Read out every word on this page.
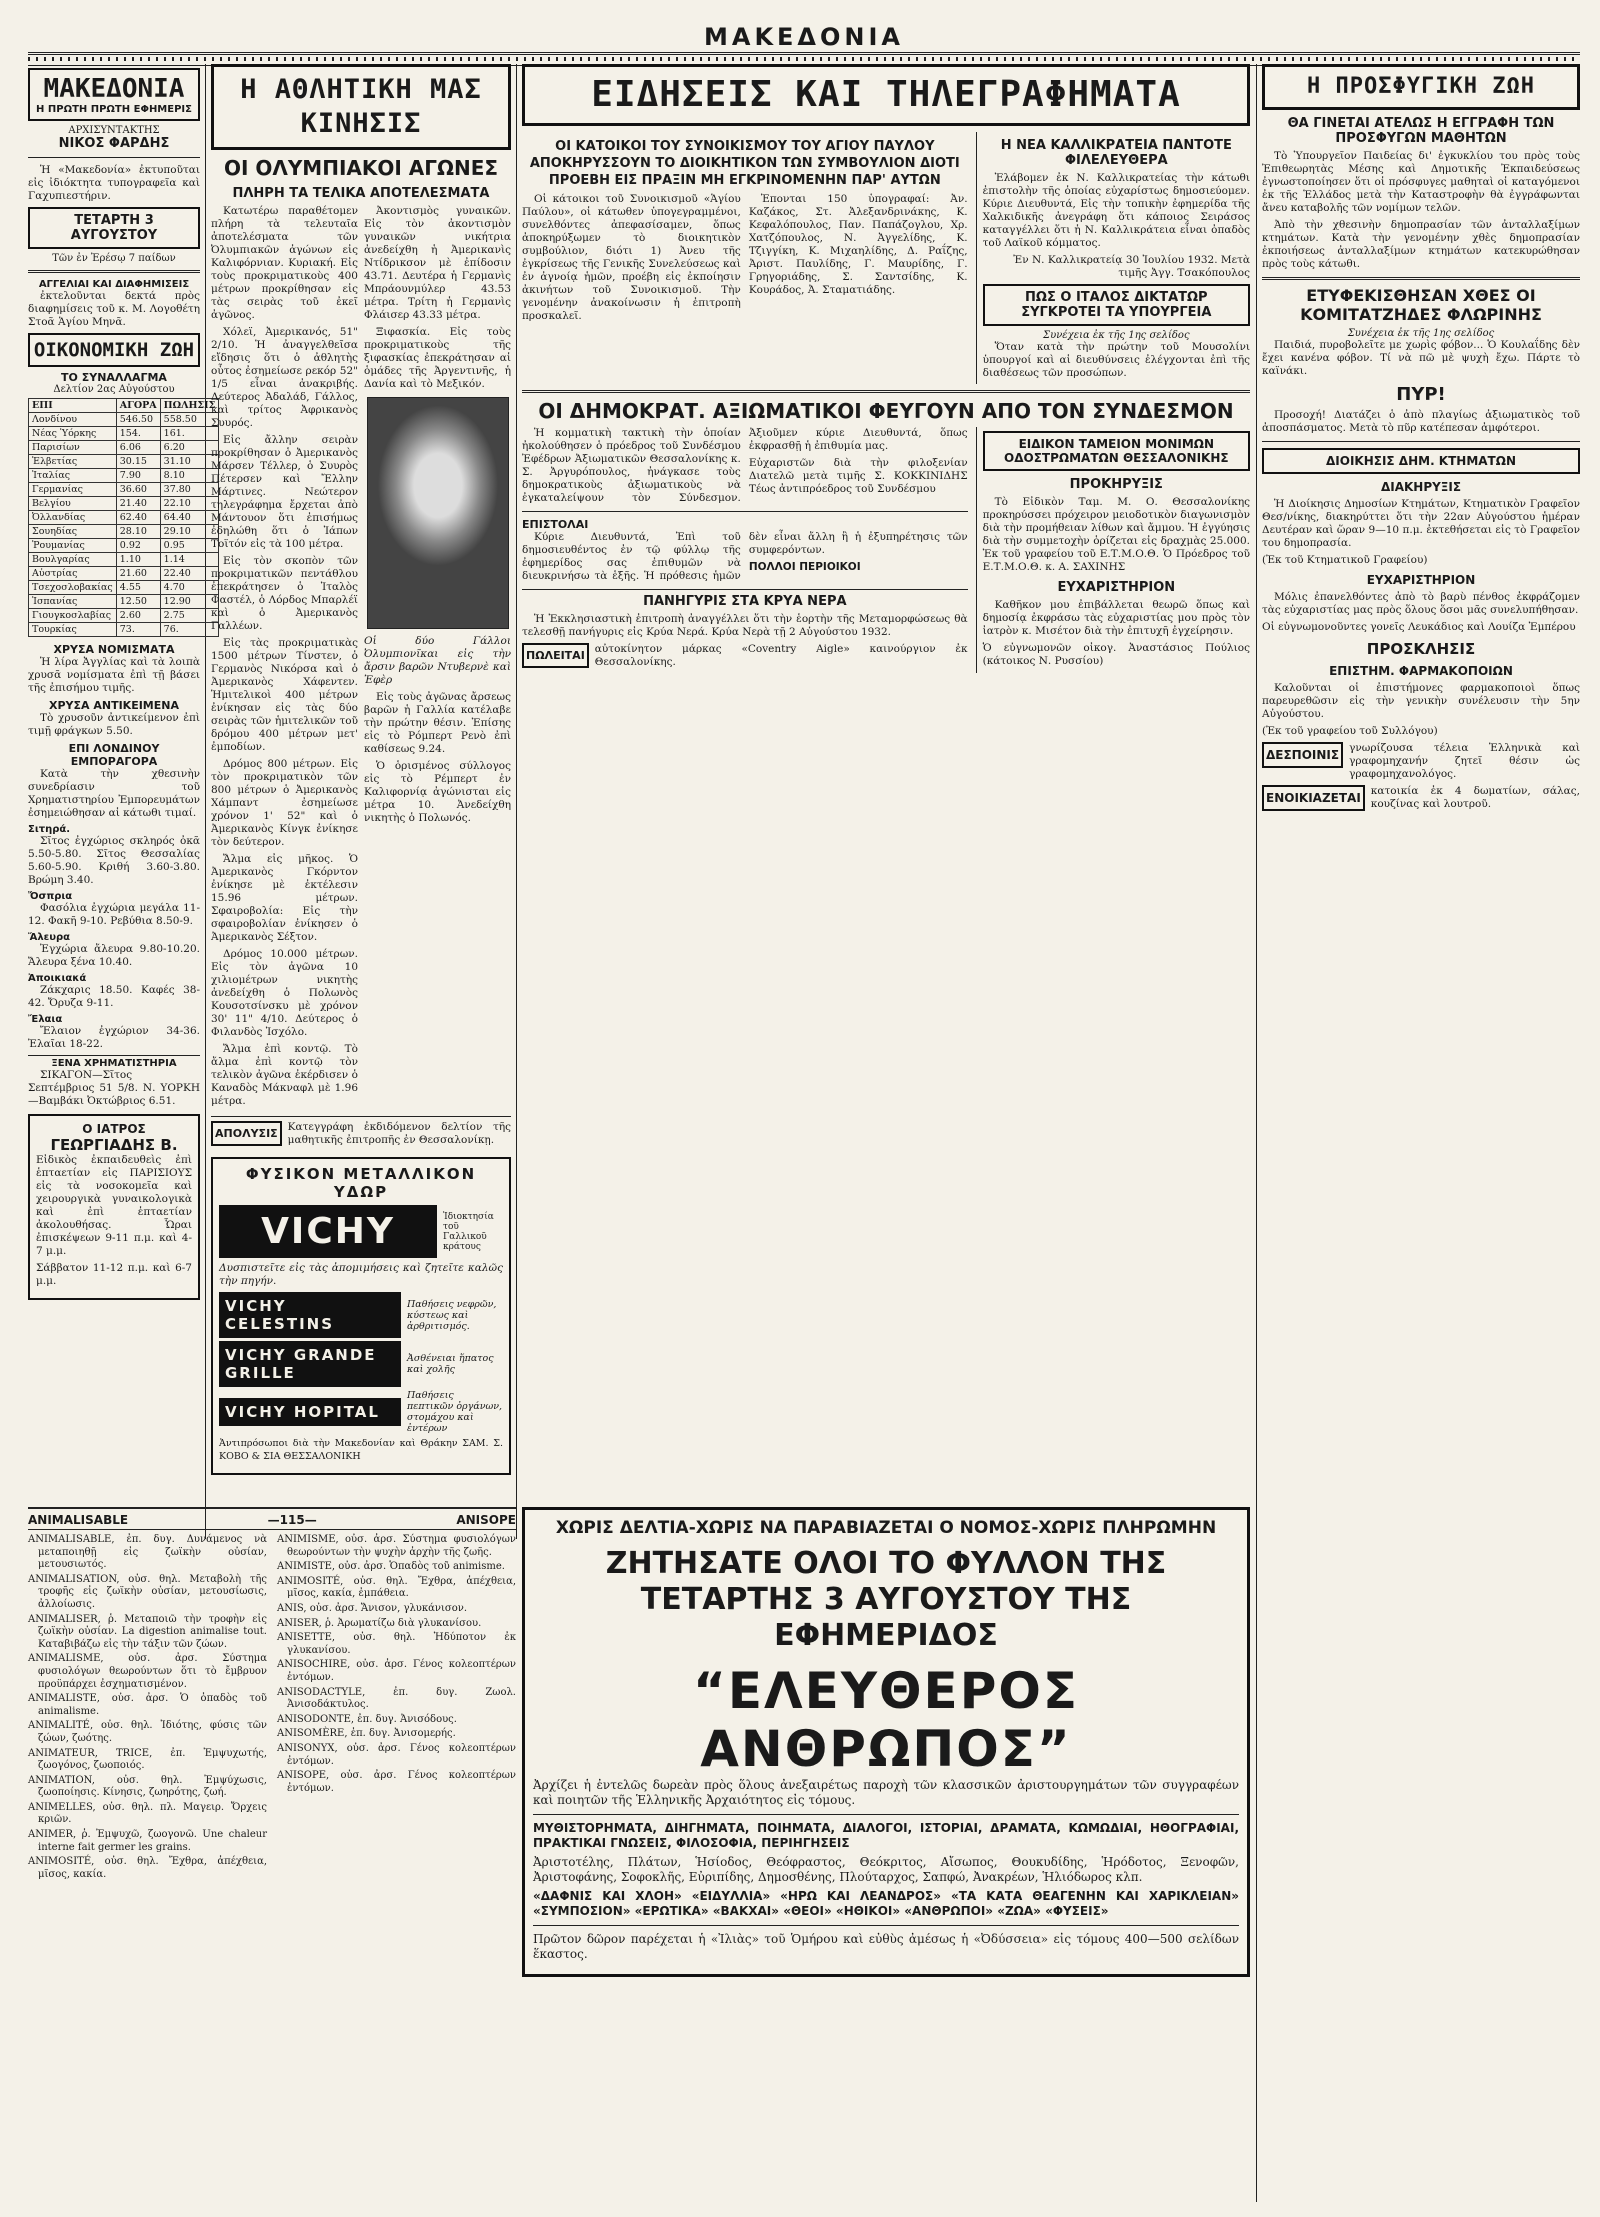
ΜΑΚΕΔΟΝΙΑ
ΜΑΚΕΔΟΝΙΑ
Η ΠΡΩΤΗ ΠΡΩΤΗ ΕΦΗΜΕΡΙΣ
ΑΡΧΙΣΥΝΤΑΚΤΗΣ
ΝΙΚΟΣ ΦΑΡΔΗΣ

Ἡ «Μακεδονία» ἐκτυποῦται εἰς ἰδιόκτητα τυπογραφεῖα καὶ Γαχυπιεστήριν.

ΤΕΤΑΡΤΗ 3 ΑΥΓΟΥΣΤΟΥ
Τῶν ἐν Ἐρέσῳ 7 παίδων
ΑΓΓΕΛΙΑΙ ΚΑΙ ΔΙΑΦΗΜΙΣΕΙΣ

ἐκτελοῦνται δεκτά πρὸς διαφημίσεις τοῦ κ. Μ. Λογοθέτη Στοᾶ Ἁγίου Μηνᾶ.

ΟΙΚΟΝΟΜΙΚΗ ΖΩΗ
ΤΟ ΣΥΝΑΛΛΑΓΜΑ
Δελτίον 2ας Αὐγούστου
ΕΠΙ	ΑΓΟΡΑ	ΠΩΛΗΣΙΣ
Λονδίνου	546.50	558.50
Νέας Ὑόρκης	154.	161.
Παρισίων	6.06	6.20
Ἑλβετίας	30.15	31.10
Ἰταλίας	7.90	8.10
Γερμανίας	36.60	37.80
Βελγίου	21.40	22.10
Ὀλλανδίας	62.40	64.40
Σουηδίας	28.10	29.10
Ῥουμανίας	0.92	0.95
Βουλγαρίας	1.10	1.14
Αὐστρίας	21.60	22.40
Τσεχοσλοβακίας	4.55	4.70
Ἰσπανίας	12.50	12.90
Γιουγκοσλαβίας	2.60	2.75
Τουρκίας	73.	76.
ΧΡΥΣΑ ΝΟΜΙΣΜΑΤΑ

Ἡ λίρα Ἀγγλίας καὶ τὰ λοιπὰ χρυσᾶ νομίσματα ἐπὶ τῇ βάσει τῆς ἐπισήμου τιμῆς.

ΧΡΥΣΑ ΑΝΤΙΚΕΙΜΕΝΑ

Τὸ χρυσοῦν ἀντικείμενον ἐπὶ τιμῇ φράγκων 5.50.

ΕΠΙ ΛΟΝΔΙΝΟΥ
ΕΜΠΟΡΑΓΟΡΑ

Κατὰ τὴν χθεσινὴν συνεδρίασιν τοῦ Χρηματιστηρίου Ἐμπορευμάτων ἐσημειώθησαν αἱ κάτωθι τιμαί.

Σιτηρά.

Σῖτος ἐγχώριος σκληρός ὀκᾶ 5.50-5.80. Σῖτος Θεσσαλίας 5.60-5.90. Κριθή 3.60-3.80. Βρώμη 3.40.

Ὄσπρια

Φασόλια ἐγχώρια μεγάλα 11-12. Φακῆ 9-10. Ρεβύθια 8.50-9.

Ἄλευρα

Ἐγχώρια ἄλευρα 9.80-10.20. Ἄλευρα ξένα 10.40.

Ἀποικιακά

Ζάκχαρις 18.50. Καφές 38-42. Ὄρυζα 9-11.

Ἔλαια

Ἔλαιον ἐγχώριον 34-36. Ἐλαῖαι 18-22.

ΞΕΝΑ ΧΡΗΜΑΤΙΣΤΗΡΙΑ

ΣΙΚΑΓΟΝ—Σῖτος Σεπτέμβριος 51 5/8. Ν. ΥΟΡΚΗ—Βαμβάκι Ὀκτώβριος 6.51.

Ο ΙΑΤΡΟΣ
ΓΕΩΡΓΙΑΔΗΣ Β.

Εἰδικὸς ἐκπαιδευθεὶς ἐπὶ ἑπταετίαν εἰς ΠΑΡΙΣΙΟΥΣ εἰς τὰ νοσοκομεῖα καὶ χειρουργικὰ γυναικολογικὰ καὶ ἐπὶ ἑπταετίαν ἀκολουθήσας. Ὧραι ἐπισκέψεων 9-11 π.μ. καὶ 4-7 μ.μ.

Σάββατον 11-12 π.μ. καὶ 6-7 μ.μ.

Η ΑΘΛΗΤΙΚΗ ΜΑΣ ΚΙΝΗΣΙΣ
ΟΙ ΟΛΥΜΠΙΑΚΟΙ ΑΓΩΝΕΣ
ΠΛΗΡΗ ΤΑ ΤΕΛΙΚΑ ΑΠΟΤΕΛΕΣΜΑΤΑ

Κατωτέρω παραθέτομεν πλήρη τὰ τελευταῖα ἀποτελέσματα τῶν Ὀλυμπιακῶν ἀγώνων εἰς Καλιφόρνιαν. Κυριακή. Εἰς τοὺς προκριματικοὺς 400 μέτρων προκρίθησαν εἰς τὰς σειρὰς τοῦ ἐκεῖ ἀγῶνος.

Χόλεϊ, Ἀμερικανός, 51" 2/10. Ἡ ἀναγγελθεῖσα εἴδησις ὅτι ὁ ἀθλητὴς οὗτος ἐσημείωσε ρεκόρ 52" 1/5 εἶναι ἀνακριβής. Δεύτερος Ἀδαλάδ, Γάλλος, καὶ τρίτος Ἀφρικανὸς Συυρός.

Εἰς ἄλλην σειρὰν προκρίθησαν ὁ Ἀμερικανὸς Μάρσεν Τέλλερ, ὁ Συυρὸς Πέτερσεν καὶ Ἔλλην Μάρτινες. Νεώτερον τηλεγράφημα ἔρχεται ἀπὸ Μάντουον ὅτι ἐπισήμως ἐδηλώθη ὅτι ὁ Ἰάπων Τοϊτόν εἰς τὰ 100 μέτρα.

Εἰς τὸν σκοπὸν τῶν προκριματικῶν πεντάθλου ἐπεκράτησεν ὁ Ἰταλὸς Φαστέλ, ὁ Λόρδος Μπαρλέϊ καὶ ὁ Ἀμερικανὸς Γαλλέων.

Εἰς τὰς προκριματικὰς 1500 μέτρων Τίνστεν, ὁ Γερμανὸς Νικόρσα καὶ ὁ Ἀμερικανὸς Χάφεντεν. Ἡμιτελικοὶ 400 μέτρων ἐνίκησαν εἰς τὰς δύο σειρὰς τῶν ἡμιτελικῶν τοῦ δρόμου 400 μέτρων μετ' ἐμποδίων.

Δρόμος 800 μέτρων. Εἰς τὸν προκριματικὸν τῶν 800 μέτρων ὁ Ἀμερικανὸς Χάμπαντ ἐσημείωσε χρόνον 1' 52" καὶ ὁ Ἀμερικανὸς Κίνγκ ἐνίκησε τὸν δεύτερον.

Ἄλμα εἰς μῆκος. Ὁ Ἀμερικανὸς Γκόρντον ἐνίκησε μὲ ἐκτέλεσιν 15.96 μέτρων. Σφαιροβολία: Εἰς τὴν σφαιροβολίαν ἐνίκησεν ὁ Ἀμερικανὸς Σέξτον.

Δρόμος 10.000 μέτρων. Εἰς τὸν ἀγῶνα 10 χιλιομέτρων νικητὴς ἀνεδείχθη ὁ Πολωνὸς Κουσοτσίνσκυ μὲ χρόνον 30' 11" 4/10. Δεύτερος ὁ Φιλανδὸς Ἰσχόλο.

Ἄλμα ἐπὶ κοντῷ. Τὸ ἄλμα ἐπὶ κοντῷ τὸν τελικὸν ἀγῶνα ἐκέρδισεν ὁ Καναδὸς Μάκναφλ μὲ 1.96 μέτρα.

Ἀκοντισμὸς γυναικῶν. Εἰς τὸν ἀκοντισμὸν γυναικῶν νικήτρια ἀνεδείχθη ἡ Ἀμερικανὶς Ντίδρικσον μὲ ἐπίδοσιν 43.71. Δευτέρα ἡ Γερμανὶς Μπράουνμύλερ 43.53 μέτρα. Τρίτη ἡ Γερμανὶς Φλάισερ 43.33 μέτρα.

Ξιφασκία. Εἰς τοὺς προκριματικοὺς τῆς ξιφασκίας ἐπεκράτησαν αἱ ὁμάδες τῆς Ἀργεντινῆς, ἡ Δανία καὶ τὸ Μεξικόν.

Οἱ δύο Γάλλοι Ὀλυμπιονῖκαι εἰς τὴν ἄρσιν βαρῶν Ντυβερνὲ καὶ Ἐφὲρ

Εἰς τοὺς ἀγῶνας ἄρσεως βαρῶν ἡ Γαλλία κατέλαβε τὴν πρώτην θέσιν. Ἐπίσης εἰς τὸ Ρόμπερτ Ρενὸ ἐπὶ καθίσεως 9.24.

Ὁ ὁρισμένος σύλλογος εἰς τὸ Ρέμπερτ ἐν Καλιφορνίᾳ ἀγώνισται εἰς μέτρα 10. Ἀνεδείχθη νικητὴς ὁ Πολωνός.

ΑΠΟΛΥΣΙΣ Κατεγγράφη ἐκδιδόμενον δελτίον τῆς μαθητικῆς ἐπιτροπῆς ἐν Θεσσαλονίκῃ.

ΦΥΣΙΚΟΝ ΜΕΤΑΛΛΙΚΟΝ ΥΔΩΡ
VICHY	Ἰδιοκτησία τοῦ Γαλλικοῦ κράτους

Δυσπιστεῖτε εἰς τὰς ἀπομιμήσεις καὶ ζητεῖτε καλῶς τὴν πηγήν.

VICHY CELESTINS
Παθήσεις νεφρῶν, κύστεως καὶ ἀρθριτισμός.
VICHY GRANDE GRILLE
Ἀσθένειαι ἥπατος καὶ χολῆς
VICHY HOPITAL
Παθήσεις πεπτικῶν ὀργάνων, στομάχου καὶ ἐντέρων

Ἀντιπρόσωποι διὰ τὴν Μακεδονίαν καὶ Θράκην ΣΑΜ. Σ. ΚΟΒΟ & ΣΙΑ ΘΕΣΣΑΛΟΝΙΚΗ

ΕΙΔΗΣΕΙΣ ΚΑΙ ΤΗΛΕΓΡΑΦΗΜΑΤΑ
ΟΙ ΚΑΤΟΙΚΟΙ ΤΟΥ ΣΥΝΟΙΚΙΣΜΟΥ ΤΟΥ ΑΓΙΟΥ ΠΑΥΛΟΥ ΑΠΟΚΗΡΥΣΣΟΥΝ ΤΟ ΔΙΟΙΚΗΤΙΚΟΝ ΤΩΝ ΣΥΜΒΟΥΛΙΟΝ ΔΙΟΤΙ ΠΡΟΕΒΗ ΕΙΣ ΠΡΑΞΙΝ ΜΗ ΕΓΚΡΙΝΟΜΕΝΗΝ ΠΑΡ' ΑΥΤΩΝ

Οἱ κάτοικοι τοῦ Συνοικισμοῦ «Ἁγίου Παύλου», οἱ κάτωθεν ὑπογεγραμμένοι, συνελθόντες ἀπεφασίσαμεν, ὅπως ἀποκηρύξωμεν τὸ διοικητικὸν συμβούλιον, διότι 1) Ἀνευ τῆς ἐγκρίσεως τῆς Γενικῆς Συνελεύσεως καὶ ἐν ἀγνοίᾳ ἡμῶν, προέβη εἰς ἐκποίησιν ἀκινήτων τοῦ Συνοικισμοῦ. Τὴν γενομένην ἀνακοίνωσιν ἡ ἐπιτροπὴ προσκαλεῖ.

Ἐπονται 150 ὑπογραφαί: Ἀν. Καζάκος, Στ. Ἀλεξανδρινάκης, Κ. Κεφαλόπουλος, Παν. Παπάζογλου, Χρ. Χατζόπουλος, Ν. Ἀγγελίδης, Κ. Τζιγγίκη, Κ. Μιχαηλίδης, Δ. Ραΐζης, Ἀριστ. Παυλίδης, Γ. Μαυρίδης, Γ. Γρηγοριάδης, Σ. Σαντσίδης, Κ. Κουράδος, Ἀ. Σταματιάδης.

Η ΝΕΑ ΚΑΛΛΙΚΡΑΤΕΙΑ ΠΑΝΤΟΤΕ ΦΙΛΕΛΕΥΘΕΡΑ

Ἐλάβομεν ἐκ Ν. Καλλικρατείας τὴν κάτωθι ἐπιστολὴν τῆς ὁποίας εὐχαρίστως δημοσιεύομεν. Κύριε Διευθυντά, Εἰς τὴν τοπικὴν ἐφημερίδα τῆς Χαλκιδικῆς ἀνεγράφη ὅτι κάποιος Σειράσος καταγγέλλει ὅτι ἡ Ν. Καλλικράτεια εἶναι ὀπαδὸς τοῦ Λαϊκοῦ κόμματος.

Ἐν Ν. Καλλικρατείᾳ 30 Ἰουλίου 1932. Μετὰ τιμῆς Ἀγγ. Τσακόπουλος

ΠΩΣ Ο ΙΤΑΛΟΣ ΔΙΚΤΑΤΩΡ ΣΥΓΚΡΟΤΕΙ ΤΑ ΥΠΟΥΡΓΕΙΑ
Συνέχεια ἐκ τῆς 1ης σελίδος

Ὅταν κατὰ τὴν πρώτην τοῦ Μουσολίνι ὑπουργοί καὶ αἱ διευθύνσεις ἐλέγχονται ἐπὶ τῆς διαθέσεως τῶν προσώπων.

ΟΙ ΔΗΜΟΚΡΑΤ. ΑΞΙΩΜΑΤΙΚΟΙ ΦΕΥΓΟΥΝ ΑΠΟ ΤΟΝ ΣΥΝΔΕΣΜΟΝ

Ἡ κομματικὴ τακτικὴ τὴν ὁποίαν ἠκολούθησεν ὁ πρόεδρος τοῦ Συνδέσμου Ἐφέδρων Ἀξιωματικῶν Θεσσαλονίκης κ. Σ. Ἀργυρόπουλος, ἠνάγκασε τοὺς δημοκρατικοὺς ἀξιωματικοὺς νὰ ἐγκαταλείψουν τὸν Σύνδεσμον. Ἀξιοῦμεν κύριε Διευθυντά, ὅπως ἐκφρασθῇ ἡ ἐπιθυμία μας.

Εὐχαριστῶν διὰ τὴν φιλοξενίαν Διατελῶ μετὰ τιμῆς Σ. ΚΟΚΚΙΝΙΔΗΣ Τέως ἀντιπρόεδρος τοῦ Συνδέσμου

ΕΠΙΣΤΟΛΑΙ

Κύριε Διευθυντά, Ἐπὶ τοῦ δημοσιευθέντος ἐν τῷ φύλλῳ τῆς ἐφημερίδος σας ἐπιθυμῶν νὰ διευκρινήσω τὰ ἑξῆς. Ἡ πρόθεσις ἡμῶν δὲν εἶναι ἄλλη ἢ ἡ ἐξυπηρέτησις τῶν συμφερόντων.

ΠΟΛΛΟΙ ΠΕΡΙΟΙΚΟΙ

ΠΑΝΗΓΥΡΙΣ ΣΤΑ ΚΡΥΑ ΝΕΡΑ

Ἡ Ἐκκλησιαστικὴ ἐπιτροπὴ ἀναγγέλλει ὅτι τὴν ἑορτὴν τῆς Μεταμορφώσεως θὰ τελεσθῇ πανήγυρις εἰς Κρύα Νερά. Κρύα Νερὰ τῇ 2 Αὐγούστου 1932.

ΠΩΛΕΙΤΑΙ αὐτοκίνητον μάρκας «Coventry Aigle» καινούργιον ἐκ Θεσσαλονίκης.

ΕΙΔΙΚΟΝ ΤΑΜΕΙΟΝ ΜΟΝΙΜΩΝ ΟΔΟΣΤΡΩΜΑΤΩΝ ΘΕΣΣΑΛΟΝΙΚΗΣ
ΠΡΟΚΗΡΥΞΙΣ

Τὸ Εἰδικὸν Ταμ. Μ. Ο. Θεσσαλονίκης προκηρύσσει πρόχειρον μειοδοτικὸν διαγωνισμὸν διὰ τὴν προμήθειαν λίθων καὶ ἄμμου. Ἡ ἐγγύησις διὰ τὴν συμμετοχὴν ὁρίζεται εἰς δραχμὰς 25.000. Ἐκ τοῦ γραφείου τοῦ Ε.Τ.Μ.Ο.Θ. Ὁ Πρόεδρος τοῦ Ε.Τ.Μ.Ο.Θ. κ. Α. ΣΑΧΙΝΗΣ

ΕΥΧΑΡΙΣΤΗΡΙΟΝ

Καθῆκον μου ἐπιβάλλεται θεωρῶ ὅπως καὶ δημοσίᾳ ἐκφράσω τὰς εὐχαριστίας μου πρὸς τὸν ἰατρὸν κ. Μισέτον διὰ τὴν ἐπιτυχῆ ἐγχείρησιν.

Ὁ εὐγνωμονῶν οἰκογ. Ἀναστάσιος Πούλιος (κάτοικος Ν. Ρυσσίου)

Η ΠΡΟΣΦΥΓΙΚΗ ΖΩΗ
ΘΑ ΓΙΝΕΤΑΙ ΑΤΕΛΩΣ Η ΕΓΓΡΑΦΗ ΤΩΝ ΠΡΟΣΦΥΓΩΝ ΜΑΘΗΤΩΝ

Τὸ Ὑπουργεῖον Παιδείας δι' ἐγκυκλίου του πρὸς τοὺς Ἐπιθεωρητὰς Μέσης καὶ Δημοτικῆς Ἐκπαιδεύσεως ἐγνωστοποίησεν ὅτι οἱ πρόσφυγες μαθηταὶ οἱ καταγόμενοι ἐκ τῆς Ἑλλάδος μετὰ τὴν Καταστροφὴν θὰ ἐγγράφωνται ἄνευ καταβολῆς τῶν νομίμων τελῶν.

Ἀπὸ τὴν χθεσινὴν δημοπρασίαν τῶν ἀνταλλαξίμων κτημάτων. Κατὰ τὴν γενομένην χθὲς δημοπρασίαν ἐκποιήσεως ἀνταλλαξίμων κτημάτων κατεκυρώθησαν πρὸς τοὺς κάτωθι.

ΕΤΥΦΕΚΙΣΘΗΣΑΝ ΧΘΕΣ ΟΙ ΚΟΜΙΤΑΤΖΗΔΕΣ ΦΛΩΡΙΝΗΣ
Συνέχεια ἐκ τῆς 1ης σελίδος

Παιδιά, πυροβολεῖτε με χωρὶς φόβον... Ὁ Κουλαΐδης δὲν ἔχει κανένα φόβον. Τί νὰ πῶ μὲ ψυχὴ ἔχω. Πάρτε τὸ καϊνάκι.

ΠΥΡ!

Προσοχή! Διατάζει ὁ ἀπὸ πλαγίως ἀξιωματικὸς τοῦ ἀποσπάσματος. Μετὰ τὸ πῦρ κατέπεσαν ἀμφότεροι.

ΔΙΟΙΚΗΣΙΣ ΔΗΜ. ΚΤΗΜΑΤΩΝ
ΔΙΑΚΗΡΥΞΙΣ

Ἡ Διοίκησις Δημοσίων Κτημάτων, Κτηματικὸν Γραφεῖον Θεσ/νίκης, διακηρύττει ὅτι τὴν 22αν Αὐγούστου ἡμέραν Δευτέραν καὶ ὥραν 9—10 π.μ. ἐκτεθήσεται εἰς τὸ Γραφεῖον του δημοπρασία.

(Ἐκ τοῦ Κτηματικοῦ Γραφείου)

ΕΥΧΑΡΙΣΤΗΡΙΟΝ

Μόλις ἐπανελθόντες ἀπὸ τὸ βαρὺ πένθος ἐκφράζομεν τὰς εὐχαριστίας μας πρὸς ὅλους ὅσοι μᾶς συνελυπήθησαν.

Οἱ εὐγνωμονοῦντες γονεῖς Λευκάδιος καὶ Λουίζα Ἐμπέρου

ΠΡΟΣΚΛΗΣΙΣ
ΕΠΙΣΤΗΜ. ΦΑΡΜΑΚΟΠΟΙΩΝ

Καλοῦνται οἱ ἐπιστήμονες φαρμακοποιοὶ ὅπως παρευρεθῶσιν εἰς τὴν γενικὴν συνέλευσιν τὴν 5ην Αὐγούστου.

(Ἐκ τοῦ γραφείου τοῦ Συλλόγου)

ΔΕΣΠΟΙΝΙΣ γνωρίζουσα τέλεια Ἑλληνικὰ καὶ γραφομηχανήν ζητεῖ θέσιν ὡς γραφομηχανολόγος.

ΕΝΟΙΚΙΑΖΕΤΑΙ κατοικία ἐκ 4 δωματίων, σάλας, κουζίνας καὶ λουτροῦ.

ANIMALISABLE	—115—	ANISOPE

ANIMALISABLE, ἐπ. δυγ. Δυνάμενος νὰ μεταποιηθῇ εἰς ζωϊκὴν οὐσίαν, μετουσιωτός.

ANIMALISATION, οὐσ. θηλ. Μεταβολὴ τῆς τροφῆς εἰς ζωϊκὴν οὐσίαν, μετουσίωσις, ἀλλοίωσις.

ANIMALISER, ῥ. Μεταποιῶ τὴν τροφὴν εἰς ζωϊκὴν οὐσίαν. La digestion animalise tout. Καταβιβάζω εἰς τὴν τάξιν τῶν ζώων.

ANIMALISME, οὐσ. ἀρσ. Σύστημα φυσιολόγων θεωρούντων ὅτι τὸ ἔμβρυον προϋπάρχει ἐσχηματισμένον.

ANIMALISTE, οὐσ. ἀρσ. Ὁ ὀπαδὸς τοῦ animalisme.

ANIMALITÉ, οὐσ. θηλ. Ἰδιότης, φύσις τῶν ζώων, ζωότης.

ANIMATEUR, TRICE, ἐπ. Ἐμψυχωτής, ζωογόνος, ζωοποιός.

ANIMATION, οὐσ. θηλ. Ἐμψύχωσις, ζωοποίησις. Κίνησις, ζωηρότης, ζωή.

ANIMELLES, οὐσ. θηλ. πλ. Μαγειρ. Ὄρχεις κριῶν.

ANIMER, ῥ. Ἐμψυχῶ, ζωογονῶ. Une chaleur interne fait germer les grains.

ANIMOSITÉ, οὐσ. θηλ. Ἔχθρα, ἀπέχθεια, μῖσος, κακία.

ANIMISME, οὐσ. ἀρσ. Σύστημα φυσιολόγων θεωρούντων τὴν ψυχὴν ἀρχὴν τῆς ζωῆς.

ANIMISTE, οὐσ. ἀρσ. Ὁπαδὸς τοῦ animisme.

ANIMOSITÉ, οὐσ. θηλ. Ἔχθρα, ἀπέχθεια, μῖσος, κακία, ἐμπάθεια.

ANIS, οὐσ. ἀρσ. Ἄνισον, γλυκάνισον.

ANISER, ῥ. Ἀρωματίζω διὰ γλυκανίσου.

ANISETTE, οὐσ. θηλ. Ἡδύποτον ἐκ γλυκανίσου.

ANISOCHIRE, οὐσ. ἀρσ. Γένος κολεοπτέρων ἐντόμων.

ANISODACTYLE, ἐπ. δυγ. Ζωολ. Ἀνισοδάκτυλος.

ANISODONTE, ἐπ. δυγ. Ἀνισόδους.

ANISOMÈRE, ἐπ. δυγ. Ἀνισομερής.

ANISONYX, οὐσ. ἀρσ. Γένος κολεοπτέρων ἐντόμων.

ANISOPE, οὐσ. ἀρσ. Γένος κολεοπτέρων ἐντόμων.

ΧΩΡΙΣ ΔΕΛΤΙΑ-ΧΩΡΙΣ ΝΑ ΠΑΡΑΒΙΑΖΕΤΑΙ Ο ΝΟΜΟΣ-ΧΩΡΙΣ ΠΛΗΡΩΜΗΝ
ΖΗΤΗΣΑΤΕ ΟΛΟΙ ΤΟ ΦΥΛΛΟΝ ΤΗΣ ΤΕΤΑΡΤΗΣ 3 ΑΥΓΟΥΣΤΟΥ ΤΗΣ ΕΦΗΜΕΡΙΔΟΣ
“ΕΛΕΥΘΕΡΟΣ ΑΝΘΡΩΠΟΣ”

Ἀρχίζει ἡ ἐντελῶς δωρεὰν πρὸς ὅλους ἀνεξαιρέτως παροχὴ τῶν κλασσικῶν ἀριστουργημάτων τῶν συγγραφέων καὶ ποιητῶν τῆς Ἑλληνικῆς Ἀρχαιότητος εἰς τόμους.

ΜΥΘΙΣΤΟΡΗΜΑΤΑ, ΔΙΗΓΗΜΑΤΑ, ΠΟΙΗΜΑΤΑ, ΔΙΑΛΟΓΟΙ, ΙΣΤΟΡΙΑΙ, ΔΡΑΜΑΤΑ, ΚΩΜΩΔΙΑΙ, ΗΘΟΓΡΑΦΙΑΙ, ΠΡΑΚΤΙΚΑΙ ΓΝΩΣΕΙΣ, ΦΙΛΟΣΟΦΙΑ, ΠΕΡΙΗΓΗΣΕΙΣ

Ἀριστοτέλης, Πλάτων, Ἡσίοδος, Θεόφραστος, Θεόκριτος, Αἴσωπος, Θουκυδίδης, Ἡρόδοτος, Ξενοφῶν, Ἀριστοφάνης, Σοφοκλῆς, Εὐριπίδης, Δημοσθένης, Πλούταρχος, Σαπφώ, Ἀνακρέων, Ἡλιόδωρος κλπ.

«ΔΑΦΝΙΣ ΚΑΙ ΧΛΟΗ» «ΕΙΔΥΛΛΙΑ» «ΗΡΩ ΚΑΙ ΛΕΑΝΔΡΟΣ» «ΤΑ ΚΑΤΑ ΘΕΑΓΕΝΗΝ ΚΑΙ ΧΑΡΙΚΛΕΙΑΝ» «ΣΥΜΠΟΣΙΟΝ» «ΕΡΩΤΙΚΑ» «ΒΑΚΧΑΙ» «ΘΕΟΙ» «ΗΘΙΚΟΙ» «ΑΝΘΡΩΠΟΙ» «ΖΩΑ» «ΦΥΣΕΙΣ»

Πρῶτον δῶρον παρέχεται ἡ «Ἰλιὰς» τοῦ Ὁμήρου καὶ εὐθὺς ἀμέσως ἡ «Ὀδύσσεια» εἰς τόμους 400—500 σελίδων ἕκαστος.
